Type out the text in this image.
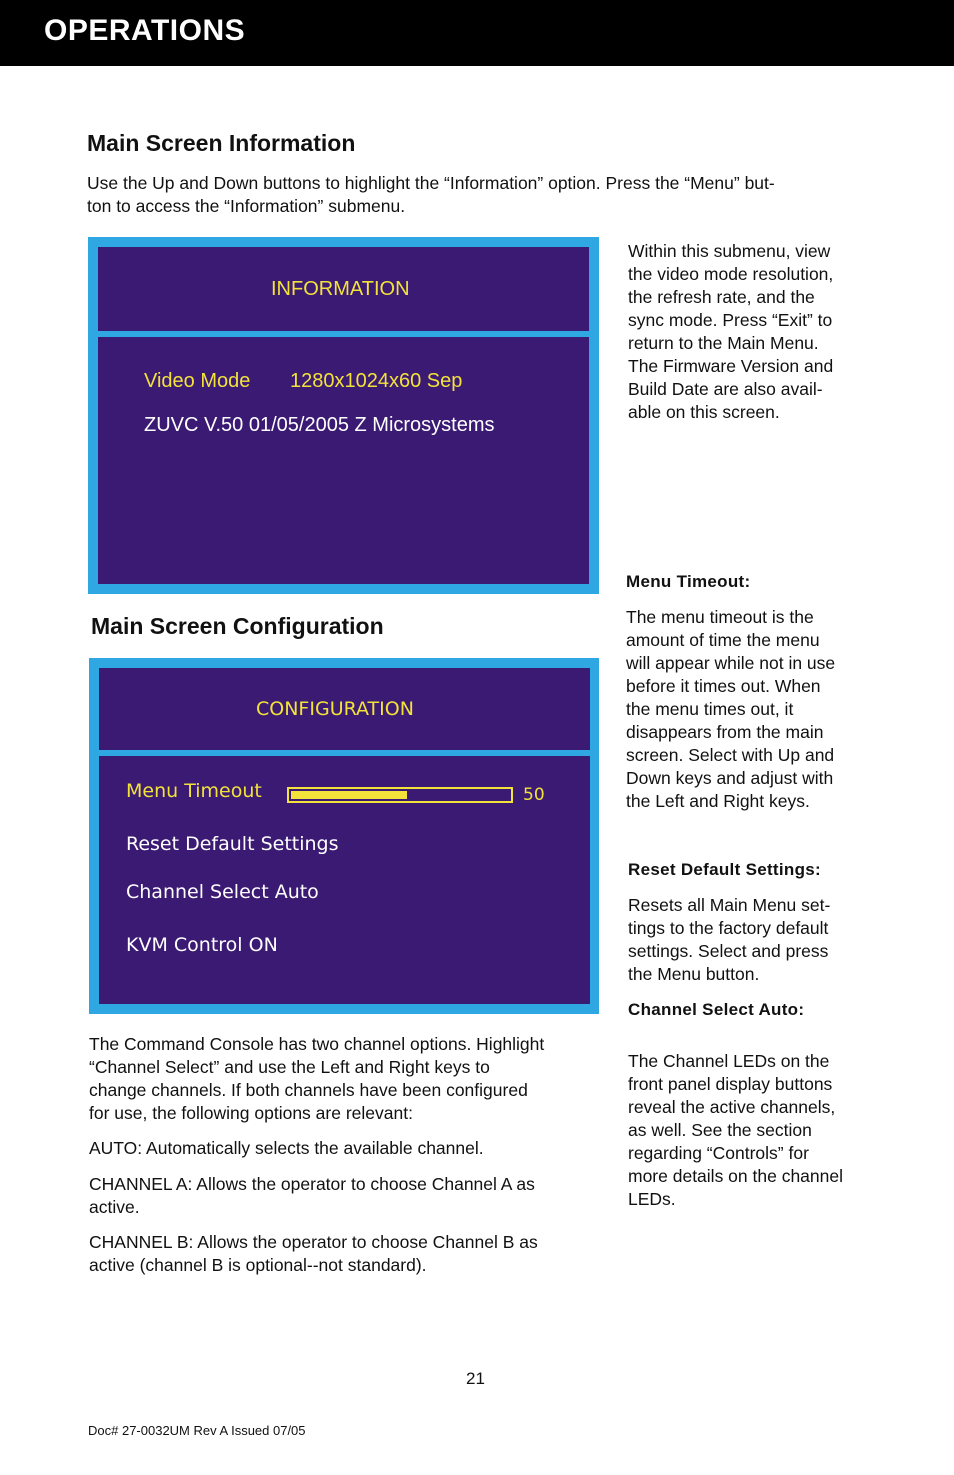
OPERATIONS
Main Screen Information
Use the Up and Down buttons to highlight the “Information” option. Press the “Menu” but-
ton to access the “Information” submenu.
INFORMATION
Video Mode 1280x1024x60 Sep
ZUVC V.50 01/05/2005 Z Microsystems
Within this submenu, view
the video mode resolution,
the refresh rate, and the
sync mode. Press “Exit” to
return to the Main Menu.
The Firmware Version and
Build Date are also avail-
able on this screen.
Main Screen Configuration
CONFIGURATION
Menu Timeout
Reset Default Settings
Channel Select Auto
KVM Control ON
50
Menu Timeout:
The menu timeout is the
amount of time the menu
will appear while not in use
before it times out. When
the menu times out, it
disappears from the main
screen. Select with Up and
Down keys and adjust with
the Left and Right keys.
Reset Default Settings:
Resets all Main Menu set-
tings to the factory default
settings. Select and press
the Menu button.
Channel Select Auto:
The Channel LEDs on the
front panel display buttons
reveal the active channels,
as well. See the section
regarding “Controls” for
more details on the channel
LEDs.
The Command Console has two channel options. Highlight
“Channel Select” and use the Left and Right keys to
change channels. If both channels have been configured
for use, the following options are relevant:
AUTO: Automatically selects the available channel.
CHANNEL A: Allows the operator to choose Channel A as
active.
CHANNEL B: Allows the operator to choose Channel B as
active (channel B is optional--not standard).
21
Doc# 27-0032UM Rev A Issued 07/05
